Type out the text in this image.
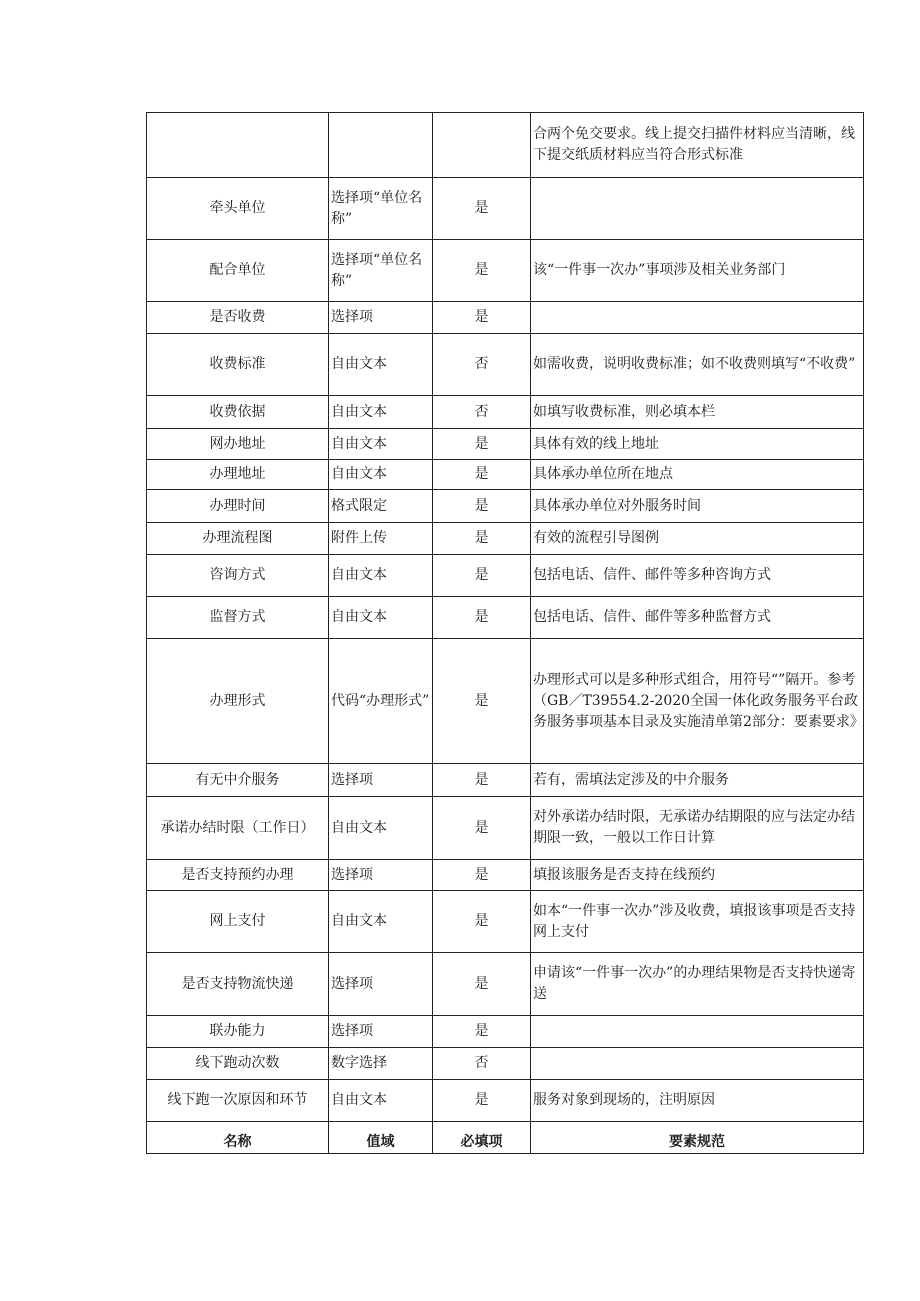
			合两个免交要求。线上提交扫描件材料应当清晰，线下提交纸质材料应当符合形式标准
牵头单位	选择项“单位名称”	是	
配合单位	选择项“单位名称”	是	该“一件事一次办”事项涉及相关业务部门
是否收费	选择项	是	
收费标准	自由文本	否	如需收费，说明收费标准；如不收费则填写“不收费”
收费依据	自由文本	否	如填写收费标准，则必填本栏
网办地址	自由文本	是	具体有效的线上地址
办理地址	自由文本	是	具体承办单位所在地点
办理时间	格式限定	是	具体承办单位对外服务时间
办理流程图	附件上传	是	有效的流程引导图例
咨询方式	自由文本	是	包括电话、信件、邮件等多种咨询方式
监督方式	自由文本	是	包括电话、信件、邮件等多种监督方式
办理形式	代码“办理形式”	是	办理形式可以是多种形式组合，用符号“”隔开。参考（GB／T39554.2-2020全国一体化政务服务平台政务服务事项基本目录及实施清单第2部分：要素要求》
有无中介服务	选择项	是	若有，需填法定涉及的中介服务
承诺办结时限（工作日）	自由文本	是	对外承诺办结时限，无承诺办结期限的应与法定办结期限一致，一般以工作日计算
是否支持预约办理	选择项	是	填报该服务是否支持在线预约
网上支付	自由文本	是	如本“一件事一次办”涉及收费，填报该事项是否支持网上支付
是否支持物流快递	选择项	是	申请该“一件事一次办”的办理结果物是否支持快递寄送
联办能力	选择项	是	
线下跑动次数	数字选择	否	
线下跑一次原因和环节	自由文本	是	服务对象到现场的，注明原因
名称	值域	必填项	要素规范
